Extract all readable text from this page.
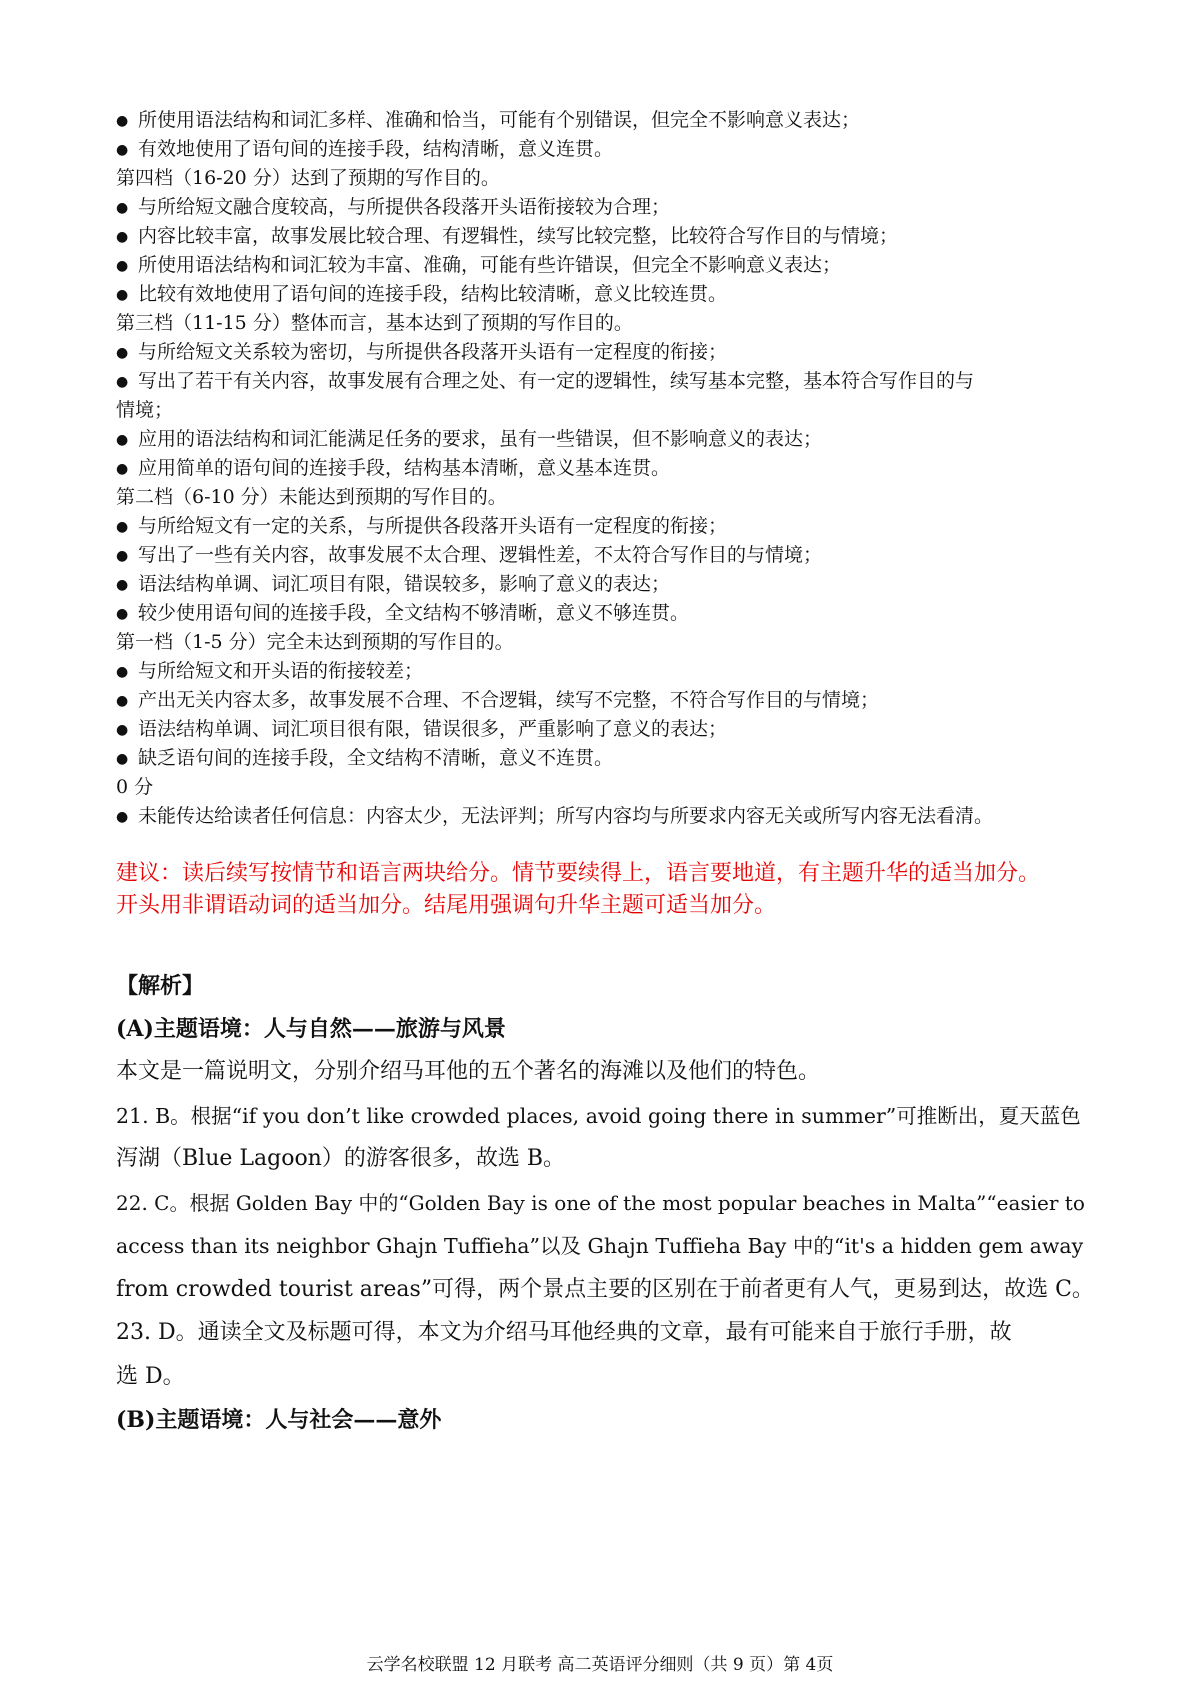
● 所使用语法结构和词汇多样、准确和恰当，可能有个别错误，但完全不影响意义表达；
● 有效地使用了语句间的连接手段，结构清晰，意义连贯。
第四档（16-20 分）达到了预期的写作目的。
● 与所给短文融合度较高，与所提供各段落开头语衔接较为合理；
● 内容比较丰富，故事发展比较合理、有逻辑性，续写比较完整，比较符合写作目的与情境；
● 所使用语法结构和词汇较为丰富、准确，可能有些许错误，但完全不影响意义表达；
● 比较有效地使用了语句间的连接手段，结构比较清晰，意义比较连贯。
第三档（11-15 分）整体而言，基本达到了预期的写作目的。
● 与所给短文关系较为密切，与所提供各段落开头语有一定程度的衔接；
● 写出了若干有关内容，故事发展有合理之处、有一定的逻辑性，续写基本完整，基本符合写作目的与
情境；
● 应用的语法结构和词汇能满足任务的要求，虽有一些错误，但不影响意义的表达；
● 应用简单的语句间的连接手段，结构基本清晰，意义基本连贯。
第二档（6-10 分）未能达到预期的写作目的。
● 与所给短文有一定的关系，与所提供各段落开头语有一定程度的衔接；
● 写出了一些有关内容，故事发展不太合理、逻辑性差，不太符合写作目的与情境；
● 语法结构单调、词汇项目有限，错误较多，影响了意义的表达；
● 较少使用语句间的连接手段，全文结构不够清晰，意义不够连贯。
第一档（1-5 分）完全未达到预期的写作目的。
● 与所给短文和开头语的衔接较差；
● 产出无关内容太多，故事发展不合理、不合逻辑，续写不完整，不符合写作目的与情境；
● 语法结构单调、词汇项目很有限，错误很多，严重影响了意义的表达；
● 缺乏语句间的连接手段，全文结构不清晰，意义不连贯。
0 分
● 未能传达给读者任何信息：内容太少，无法评判；所写内容均与所要求内容无关或所写内容无法看清。
建议：读后续写按情节和语言两块给分。情节要续得上，语言要地道，有主题升华的适当加分。
开头用非谓语动词的适当加分。结尾用强调句升华主题可适当加分。
【解析】
(A)主题语境：人与自然——旅游与风景
本文是一篇说明文，分别介绍马耳他的五个著名的海滩以及他们的特色。
21. B。根据“if you don’t like crowded places, avoid going there in summer”可推断出，夏天蓝色
泻湖（Blue Lagoon）的游客很多，故选 B。
22. C。根据 Golden Bay 中的“Golden Bay is one of the most popular beaches in Malta”“easier to
access than its neighbor Ghajn Tuffieha”以及 Ghajn Tuffieha Bay 中的“it's a hidden gem away
from crowded tourist areas”可得，两个景点主要的区别在于前者更有人气，更易到达，故选 C。
23. D。通读全文及标题可得，本文为介绍马耳他经典的文章，最有可能来自于旅行手册，故
选 D。
(B)主题语境：人与社会——意外
云学名校联盟 12 月联考 高二英语评分细则（共 9 页）第 4页
